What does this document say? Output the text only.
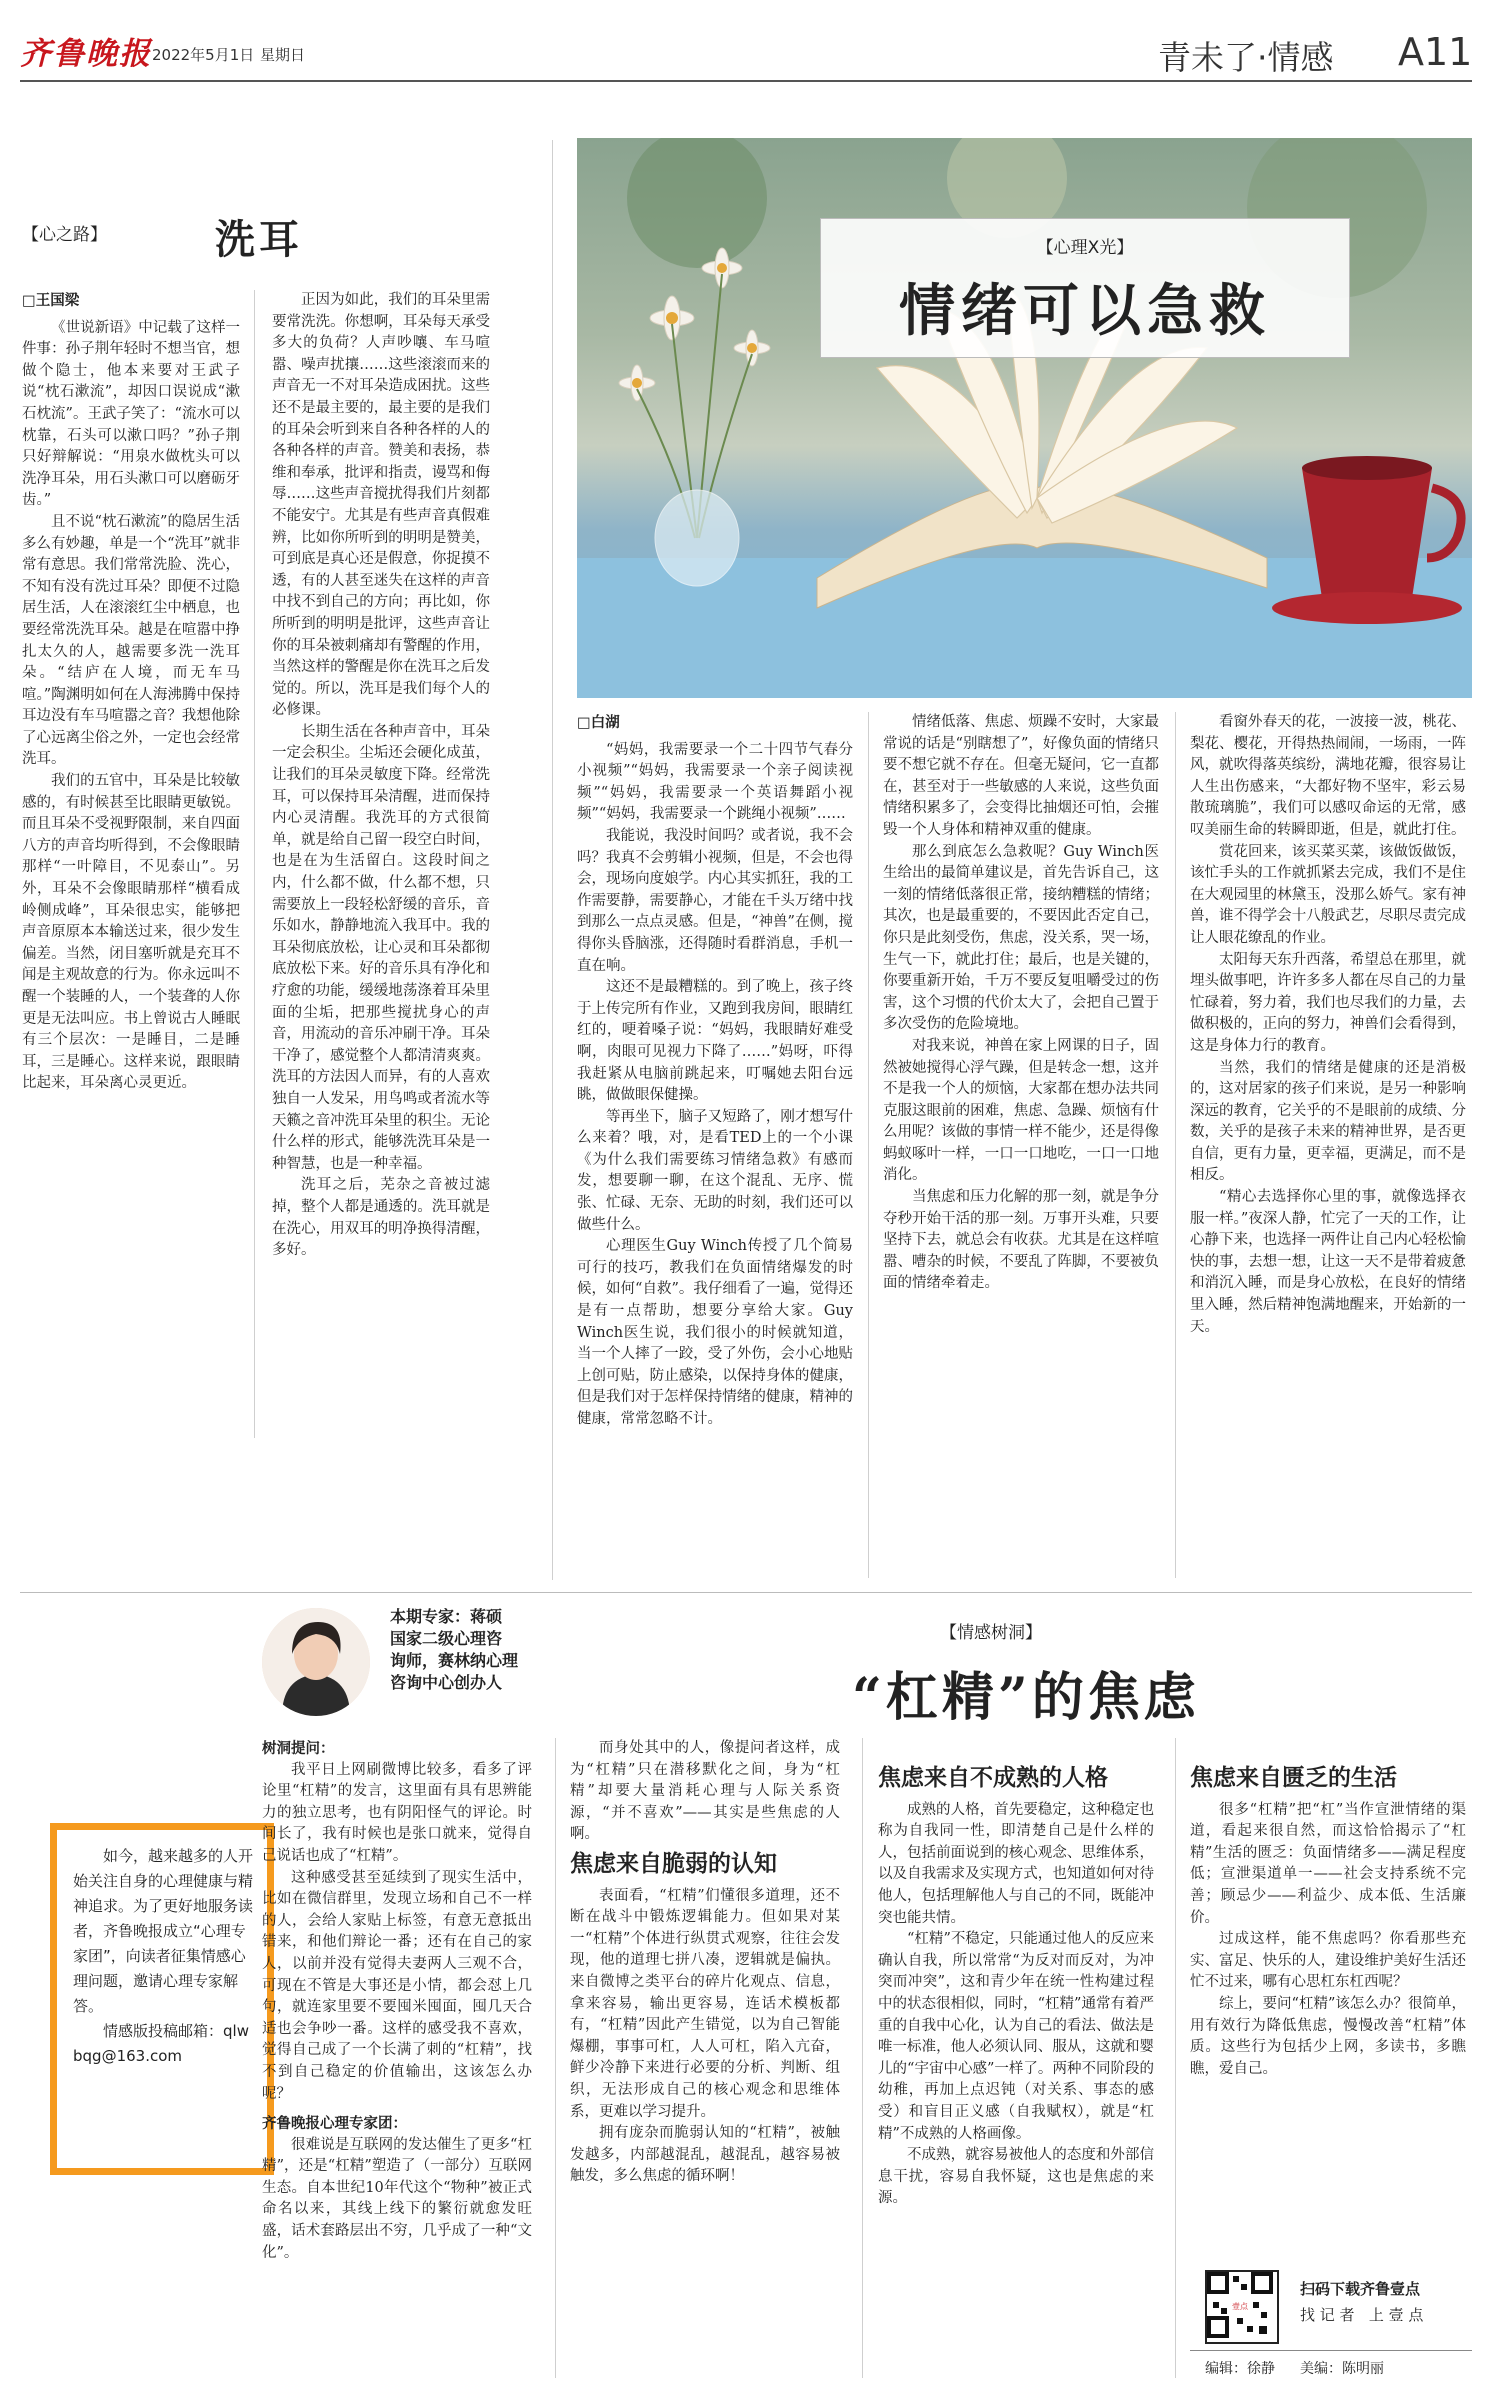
齐鲁晚报 2022年5月1日 星期日	青未了·情感 A11
【心之路】	洗耳

□王国梁

《世说新语》中记载了这样一件事：孙子荆年轻时不想当官，想做个隐士，他本来要对王武子说“枕石漱流”，却因口误说成“漱石枕流”。王武子笑了：“流水可以枕靠，石头可以漱口吗？”孙子荆只好辩解说：“用泉水做枕头可以洗净耳朵，用石头漱口可以磨砺牙齿。”

且不说“枕石漱流”的隐居生活多么有妙趣，单是一个“洗耳”就非常有意思。我们常常洗脸、洗心，不知有没有洗过耳朵？即便不过隐居生活，人在滚滚红尘中栖息，也要经常洗洗耳朵。越是在喧嚣中挣扎太久的人，越需要多洗一洗耳朵。“结庐在人境，而无车马喧。”陶渊明如何在人海沸腾中保持耳边没有车马喧嚣之音？我想他除了心远离尘俗之外，一定也会经常洗耳。

我们的五官中，耳朵是比较敏感的，有时候甚至比眼睛更敏锐。而且耳朵不受视野限制，来自四面八方的声音均听得到，不会像眼睛那样“一叶障目，不见泰山”。另外，耳朵不会像眼睛那样“横看成岭侧成峰”，耳朵很忠实，能够把声音原原本本输送过来，很少发生偏差。当然，闭目塞听就是充耳不闻是主观故意的行为。你永远叫不醒一个装睡的人，一个装聋的人你更是无法叫应。书上曾说古人睡眠有三个层次：一是睡目，二是睡耳，三是睡心。这样来说，跟眼睛比起来，耳朵离心灵更近。

正因为如此，我们的耳朵里需要常洗洗。你想啊，耳朵每天承受多大的负荷？人声吵嚷、车马喧嚣、噪声扰攘……这些滚滚而来的声音无一不对耳朵造成困扰。这些还不是最主要的，最主要的是我们的耳朵会听到来自各种各样的人的各种各样的声音。赞美和表扬，恭维和奉承，批评和指责，谩骂和侮辱……这些声音搅扰得我们片刻都不能安宁。尤其是有些声音真假难辨，比如你所听到的明明是赞美，可到底是真心还是假意，你捉摸不透，有的人甚至迷失在这样的声音中找不到自己的方向；再比如，你所听到的明明是批评，这些声音让你的耳朵被刺痛却有警醒的作用，当然这样的警醒是你在洗耳之后发觉的。所以，洗耳是我们每个人的必修课。

长期生活在各种声音中，耳朵一定会积尘。尘垢还会硬化成茧，让我们的耳朵灵敏度下降。经常洗耳，可以保持耳朵清醒，进而保持内心灵清醒。我洗耳的方式很简单，就是给自己留一段空白时间，也是在为生活留白。这段时间之内，什么都不做，什么都不想，只需要放上一段轻松舒缓的音乐，音乐如水，静静地流入我耳中。我的耳朵彻底放松，让心灵和耳朵都彻底放松下来。好的音乐具有净化和疗愈的功能，缓缓地荡涤着耳朵里面的尘垢，把那些搅扰身心的声音，用流动的音乐冲刷干净。耳朵干净了，感觉整个人都清清爽爽。洗耳的方法因人而异，有的人喜欢独自一人发呆，用鸟鸣或者流水等天籁之音冲洗耳朵里的积尘。无论什么样的形式，能够洗洗耳朵是一种智慧，也是一种幸福。

洗耳之后，芜杂之音被过滤掉，整个人都是通透的。洗耳就是在洗心，用双耳的明净换得清醒，多好。

【心理X光】
情绪可以急救

□白湖

“妈妈，我需要录一个二十四节气春分小视频”“妈妈，我需要录一个亲子阅读视频”“妈妈，我需要录一个英语舞蹈小视频”“妈妈，我需要录一个跳绳小视频”……

我能说，我没时间吗？或者说，我不会吗？我真不会剪辑小视频，但是，不会也得会，现场向度娘学。内心其实抓狂，我的工作需要静，需要静心，才能在千头万绪中找到那么一点点灵感。但是，“神兽”在侧，搅得你头昏脑涨，还得随时看群消息，手机一直在响。

这还不是最糟糕的。到了晚上，孩子终于上传完所有作业，又跑到我房间，眼睛红红的，哽着嗓子说：“妈妈，我眼睛好难受啊，肉眼可见视力下降了……”妈呀，吓得我赶紧从电脑前跳起来，叮嘱她去阳台远眺，做做眼保健操。

等再坐下，脑子又短路了，刚才想写什么来着？哦，对，是看TED上的一个小课《为什么我们需要练习情绪急救》有感而发，想要聊一聊，在这个混乱、无序、慌张、忙碌、无奈、无助的时刻，我们还可以做些什么。

心理医生Guy Winch传授了几个简易可行的技巧，教我们在负面情绪爆发的时候，如何“自救”。我仔细看了一遍，觉得还是有一点帮助，想要分享给大家。Guy Winch医生说，我们很小的时候就知道，当一个人摔了一跤，受了外伤，会小心地贴上创可贴，防止感染，以保持身体的健康，但是我们对于怎样保持情绪的健康，精神的健康，常常忽略不计。

情绪低落、焦虑、烦躁不安时，大家最常说的话是“别瞎想了”，好像负面的情绪只要不想它就不存在。但毫无疑问，它一直都在，甚至对于一些敏感的人来说，这些负面情绪积累多了，会变得比抽烟还可怕，会摧毁一个人身体和精神双重的健康。

那么到底怎么急救呢？Guy Winch医生给出的最简单建议是，首先告诉自己，这一刻的情绪低落很正常，接纳糟糕的情绪；其次，也是最重要的，不要因此否定自己，你只是此刻受伤，焦虑，没关系，哭一场，生气一下，就此打住；最后，也是关键的，你要重新开始，千万不要反复咀嚼受过的伤害，这个习惯的代价太大了，会把自己置于多次受伤的危险境地。

对我来说，神兽在家上网课的日子，固然被她搅得心浮气躁，但是转念一想，这并不是我一个人的烦恼，大家都在想办法共同克服这眼前的困难，焦虑、急躁、烦恼有什么用呢？该做的事情一样不能少，还是得像蚂蚁啄叶一样，一口一口地吃，一口一口地消化。

当焦虑和压力化解的那一刻，就是争分夺秒开始干活的那一刻。万事开头难，只要坚持下去，就总会有收获。尤其是在这样喧嚣、嘈杂的时候，不要乱了阵脚，不要被负面的情绪牵着走。

看窗外春天的花，一波接一波，桃花、梨花、樱花，开得热热闹闹，一场雨，一阵风，就吹得落英缤纷，满地花瓣，很容易让人生出伤感来，“大都好物不坚牢，彩云易散琉璃脆”，我们可以感叹命运的无常，感叹美丽生命的转瞬即逝，但是，就此打住。

赏花回来，该买菜买菜，该做饭做饭，该忙手头的工作就抓紧去完成，我们不是住在大观园里的林黛玉，没那么娇气。家有神兽，谁不得学会十八般武艺，尽职尽责完成让人眼花缭乱的作业。

太阳每天东升西落，希望总在那里，就埋头做事吧，许许多多人都在尽自己的力量忙碌着，努力着，我们也尽我们的力量，去做积极的，正向的努力，神兽们会看得到，这是身体力行的教育。

当然，我们的情绪是健康的还是消极的，这对居家的孩子们来说，是另一种影响深远的教育，它关乎的不是眼前的成绩、分数，关乎的是孩子未来的精神世界，是否更自信，更有力量，更幸福，更满足，而不是相反。

“精心去选择你心里的事，就像选择衣服一样。”夜深人静，忙完了一天的工作，让心静下来，也选择一两件让自己内心轻松愉快的事，去想一想，让这一天不是带着疲惫和消沉入睡，而是身心放松，在良好的情绪里入睡，然后精神饱满地醒来，开始新的一天。

本期专家：蒋硕
国家二级心理咨
询师，赛林纳心理
咨询中心创办人
【情感树洞】
“杠精”的焦虑
如今，越来越多的人开始关注自身的心理健康与精神追求。为了更好地服务读者，齐鲁晚报成立“心理专家团”，向读者征集情感心理问题，邀请心理专家解答。
情感版投稿邮箱：qlwbqg@163.com

树洞提问：

我平日上网刷微博比较多，看多了评论里“杠精”的发言，这里面有具有思辨能力的独立思考，也有阴阳怪气的评论。时间长了，我有时候也是张口就来，觉得自己说话也成了“杠精”。

这种感受甚至延续到了现实生活中，比如在微信群里，发现立场和自己不一样的人，会给人家贴上标签，有意无意抵出错来，和他们辩论一番；还有在自己的家人，以前并没有觉得夫妻两人三观不合，可现在不管是大事还是小情，都会怼上几句，就连家里要不要囤米囤面，囤几天合适也会争吵一番。这样的感受我不喜欢，觉得自己成了一个长满了刺的“杠精”，找不到自己稳定的价值输出，这该怎么办呢？

齐鲁晚报心理专家团：

很难说是互联网的发达催生了更多“杠精”，还是“杠精”塑造了（一部分）互联网生态。自本世纪10年代这个“物种”被正式命名以来，其线上线下的繁衍就愈发旺盛，话术套路层出不穷，几乎成了一种“文化”。

而身处其中的人，像提问者这样，成为“杠精”只在潜移默化之间，身为“杠精”却要大量消耗心理与人际关系资源，“并不喜欢”——其实是些焦虑的人啊。

焦虑来自脆弱的认知

表面看，“杠精”们懂很多道理，还不断在战斗中锻炼逻辑能力。但如果对某一“杠精”个体进行纵贯式观察，往往会发现，他的道理七拼八凑，逻辑就是偏执。来自微博之类平台的碎片化观点、信息，拿来容易，输出更容易，连话术模板都有，“杠精”因此产生错觉，以为自己智能爆棚，事事可杠，人人可杠，陷入亢奋，鲜少冷静下来进行必要的分析、判断、组织，无法形成自己的核心观念和思维体系，更难以学习提升。

拥有庞杂而脆弱认知的“杠精”，被触发越多，内部越混乱，越混乱，越容易被触发，多么焦虑的循环啊！

焦虑来自不成熟的人格

成熟的人格，首先要稳定，这种稳定也称为自我同一性，即清楚自己是什么样的人，包括前面说到的核心观念、思维体系，以及自我需求及实现方式，也知道如何对待他人，包括理解他人与自己的不同，既能冲突也能共情。

“杠精”不稳定，只能通过他人的反应来确认自我，所以常常“为反对而反对，为冲突而冲突”，这和青少年在统一性构建过程中的状态很相似，同时，“杠精”通常有着严重的自我中心化，认为自己的看法、做法是唯一标准，他人必须认同、服从，这就和婴儿的“宇宙中心感”一样了。两种不同阶段的幼稚，再加上点迟钝（对关系、事态的感受）和盲目正义感（自我赋权），就是“杠精”不成熟的人格画像。

不成熟，就容易被他人的态度和外部信息干扰，容易自我怀疑，这也是焦虑的来源。

焦虑来自匮乏的生活

很多“杠精”把“杠”当作宣泄情绪的渠道，看起来很自然，而这恰恰揭示了“杠精”生活的匮乏：负面情绪多——满足程度低；宣泄渠道单一——社会支持系统不完善；顾忌少——利益少、成本低、生活廉价。

过成这样，能不焦虑吗？你看那些充实、富足、快乐的人，建设维护美好生活还忙不过来，哪有心思杠东杠西呢？

综上，要问“杠精”该怎么办？很简单，用有效行为降低焦虑，慢慢改善“杠精”体质。这些行为包括少上网，多读书，多瞧瞧，爱自己。

壹点
扫码下载齐鲁壹点
找 记 者   上 壹 点
编辑：徐静 美编：陈明丽
